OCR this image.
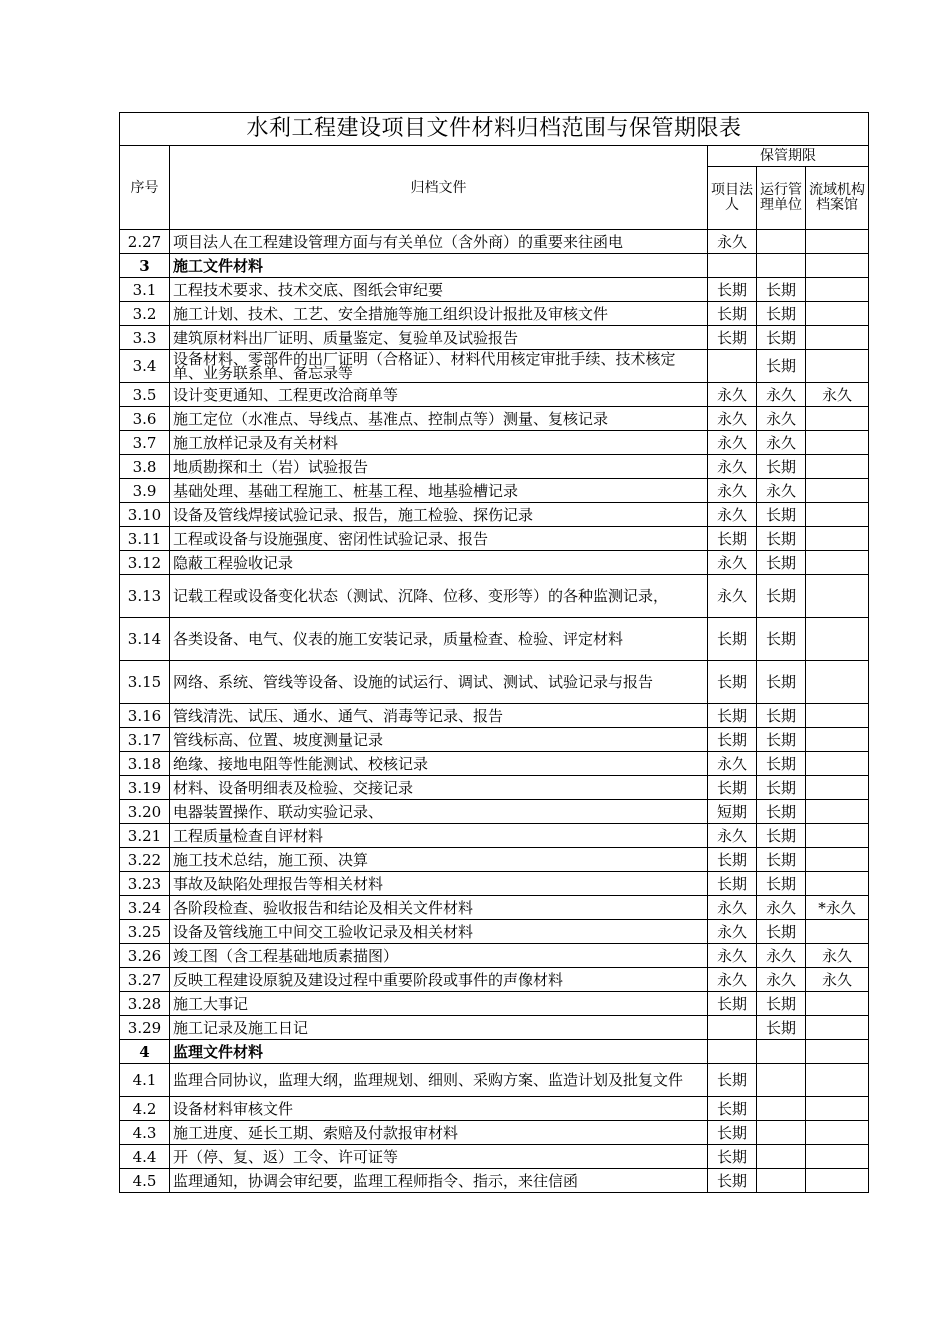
水利工程建设项目文件材料归档范围与保管期限表				
序号	归档文件	保管期限		
		项目法人	运行管理单位	流域机构档案馆
2.27	项目法人在工程建设管理方面与有关单位（含外商）的重要来往函电	永久		
3	施工文件材料			
3.1	工程技术要求、技术交底、图纸会审纪要	长期	长期	
3.2	施工计划、技术、工艺、安全措施等施工组织设计报批及审核文件	长期	长期	
3.3	建筑原材料出厂证明、质量鉴定、复验单及试验报告	长期	长期	
3.4	设备材料、零部件的出厂证明（合格证）、材料代用核定审批手续、技术核定单、业务联系单、备忘录等		长期	
3.5	设计变更通知、工程更改洽商单等	永久	永久	永久
3.6	施工定位（水准点、导线点、基准点、控制点等）测量、复核记录	永久	永久	
3.7	施工放样记录及有关材料	永久	永久	
3.8	地质勘探和土（岩）试验报告	永久	长期	
3.9	基础处理、基础工程施工、桩基工程、地基验槽记录	永久	永久	
3.10	设备及管线焊接试验记录、报告，施工检验、探伤记录	永久	长期	
3.11	工程或设备与设施强度、密闭性试验记录、报告	长期	长期	
3.12	隐蔽工程验收记录	永久	长期	
3.13	记载工程或设备变化状态（测试、沉降、位移、变形等）的各种监测记录，	永久	长期	
3.14	各类设备、电气、仪表的施工安装记录，质量检查、检验、评定材料	长期	长期	
3.15	网络、系统、管线等设备、设施的试运行、调试、测试、试验记录与报告	长期	长期	
3.16	管线清洗、试压、通水、通气、消毒等记录、报告	长期	长期	
3.17	管线标高、位置、坡度测量记录	长期	长期	
3.18	绝缘、接地电阻等性能测试、校核记录	永久	长期	
3.19	材料、设备明细表及检验、交接记录	长期	长期	
3.20	电器装置操作、联动实验记录、	短期	长期	
3.21	工程质量检查自评材料	永久	长期	
3.22	施工技术总结，施工预、决算	长期	长期	
3.23	事故及缺陷处理报告等相关材料	长期	长期	
3.24	各阶段检查、验收报告和结论及相关文件材料	永久	永久	*永久
3.25	设备及管线施工中间交工验收记录及相关材料	永久	长期	
3.26	竣工图（含工程基础地质素描图）	永久	永久	永久
3.27	反映工程建设原貌及建设过程中重要阶段或事件的声像材料	永久	永久	永久
3.28	施工大事记	长期	长期	
3.29	施工记录及施工日记		长期	
4	监理文件材料			
4.1	监理合同协议，监理大纲，监理规划、细则、采购方案、监造计划及批复文件	长期		
4.2	设备材料审核文件	长期		
4.3	施工进度、延长工期、索赔及付款报审材料	长期		
4.4	开（停、复、返）工令、许可证等	长期		
4.5	监理通知，协调会审纪要，监理工程师指令、指示，来往信函	长期		
